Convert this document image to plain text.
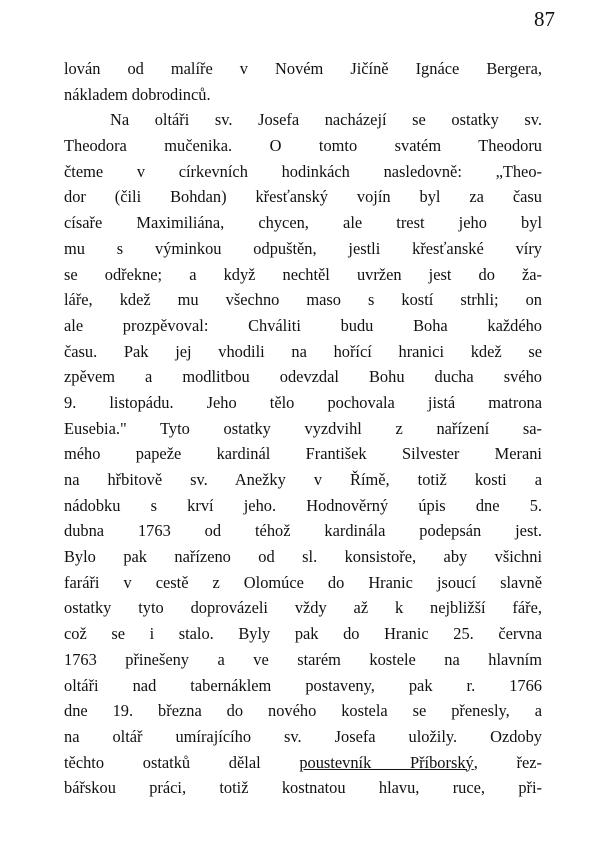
87
lován od malíře v Novém Jičíně Ignáce Bergera,
nákladem dobrodinců.
Na oltáři sv. Josefa nacházejí se ostatky sv.
Theodora mučenika. O tomto svatém Theodoru
čteme v církevních hodinkách nasledovně: „Theo-
dor (čili Bohdan) křesťanský vojín byl za času
císaře Maximiliána, chycen, ale trest jeho byl
mu s výminkou odpuštěn, jestli křesťanské víry
se odřekne; a když nechtěl uvržen jest do ža-
láře, kdež mu všechno maso s kostí strhli; on
ale prozpěvoval: Chváliti budu Boha každého
času. Pak jej vhodili na hořící hranici kdež se
zpěvem a modlitbou odevzdal Bohu ducha svého
9. listopádu. Jeho tělo pochovala jistá matrona
Eusebia." Tyto ostatky vyzdvihl z nařízení sa-
mého papeže kardinál František Silvester Merani
na hřbitově sv. Anežky v Římě, totiž kosti a
nádobku s krví jeho. Hodnověrný úpis dne 5.
dubna 1763 od téhož kardinála podepsán jest.
Bylo pak nařízeno od sl. konsistoře, aby všichni
faráři v cestě z Olomúce do Hranic jsoucí slavně
ostatky tyto doprovázeli vždy až k nejbližší fáře,
což se i stalo. Byly pak do Hranic 25. června
1763 přinešeny a ve starém kostele na hlavním
oltáři nad tabernáklem postaveny, pak r. 1766
dne 19. března do nového kostela se přenesly, a
na oltář umírajícího sv. Josefa uložily. Ozdoby
těchto ostatků dělal poustevník Příborský, řez-
bářskou práci, totiž kostnatou hlavu, ruce, při-
